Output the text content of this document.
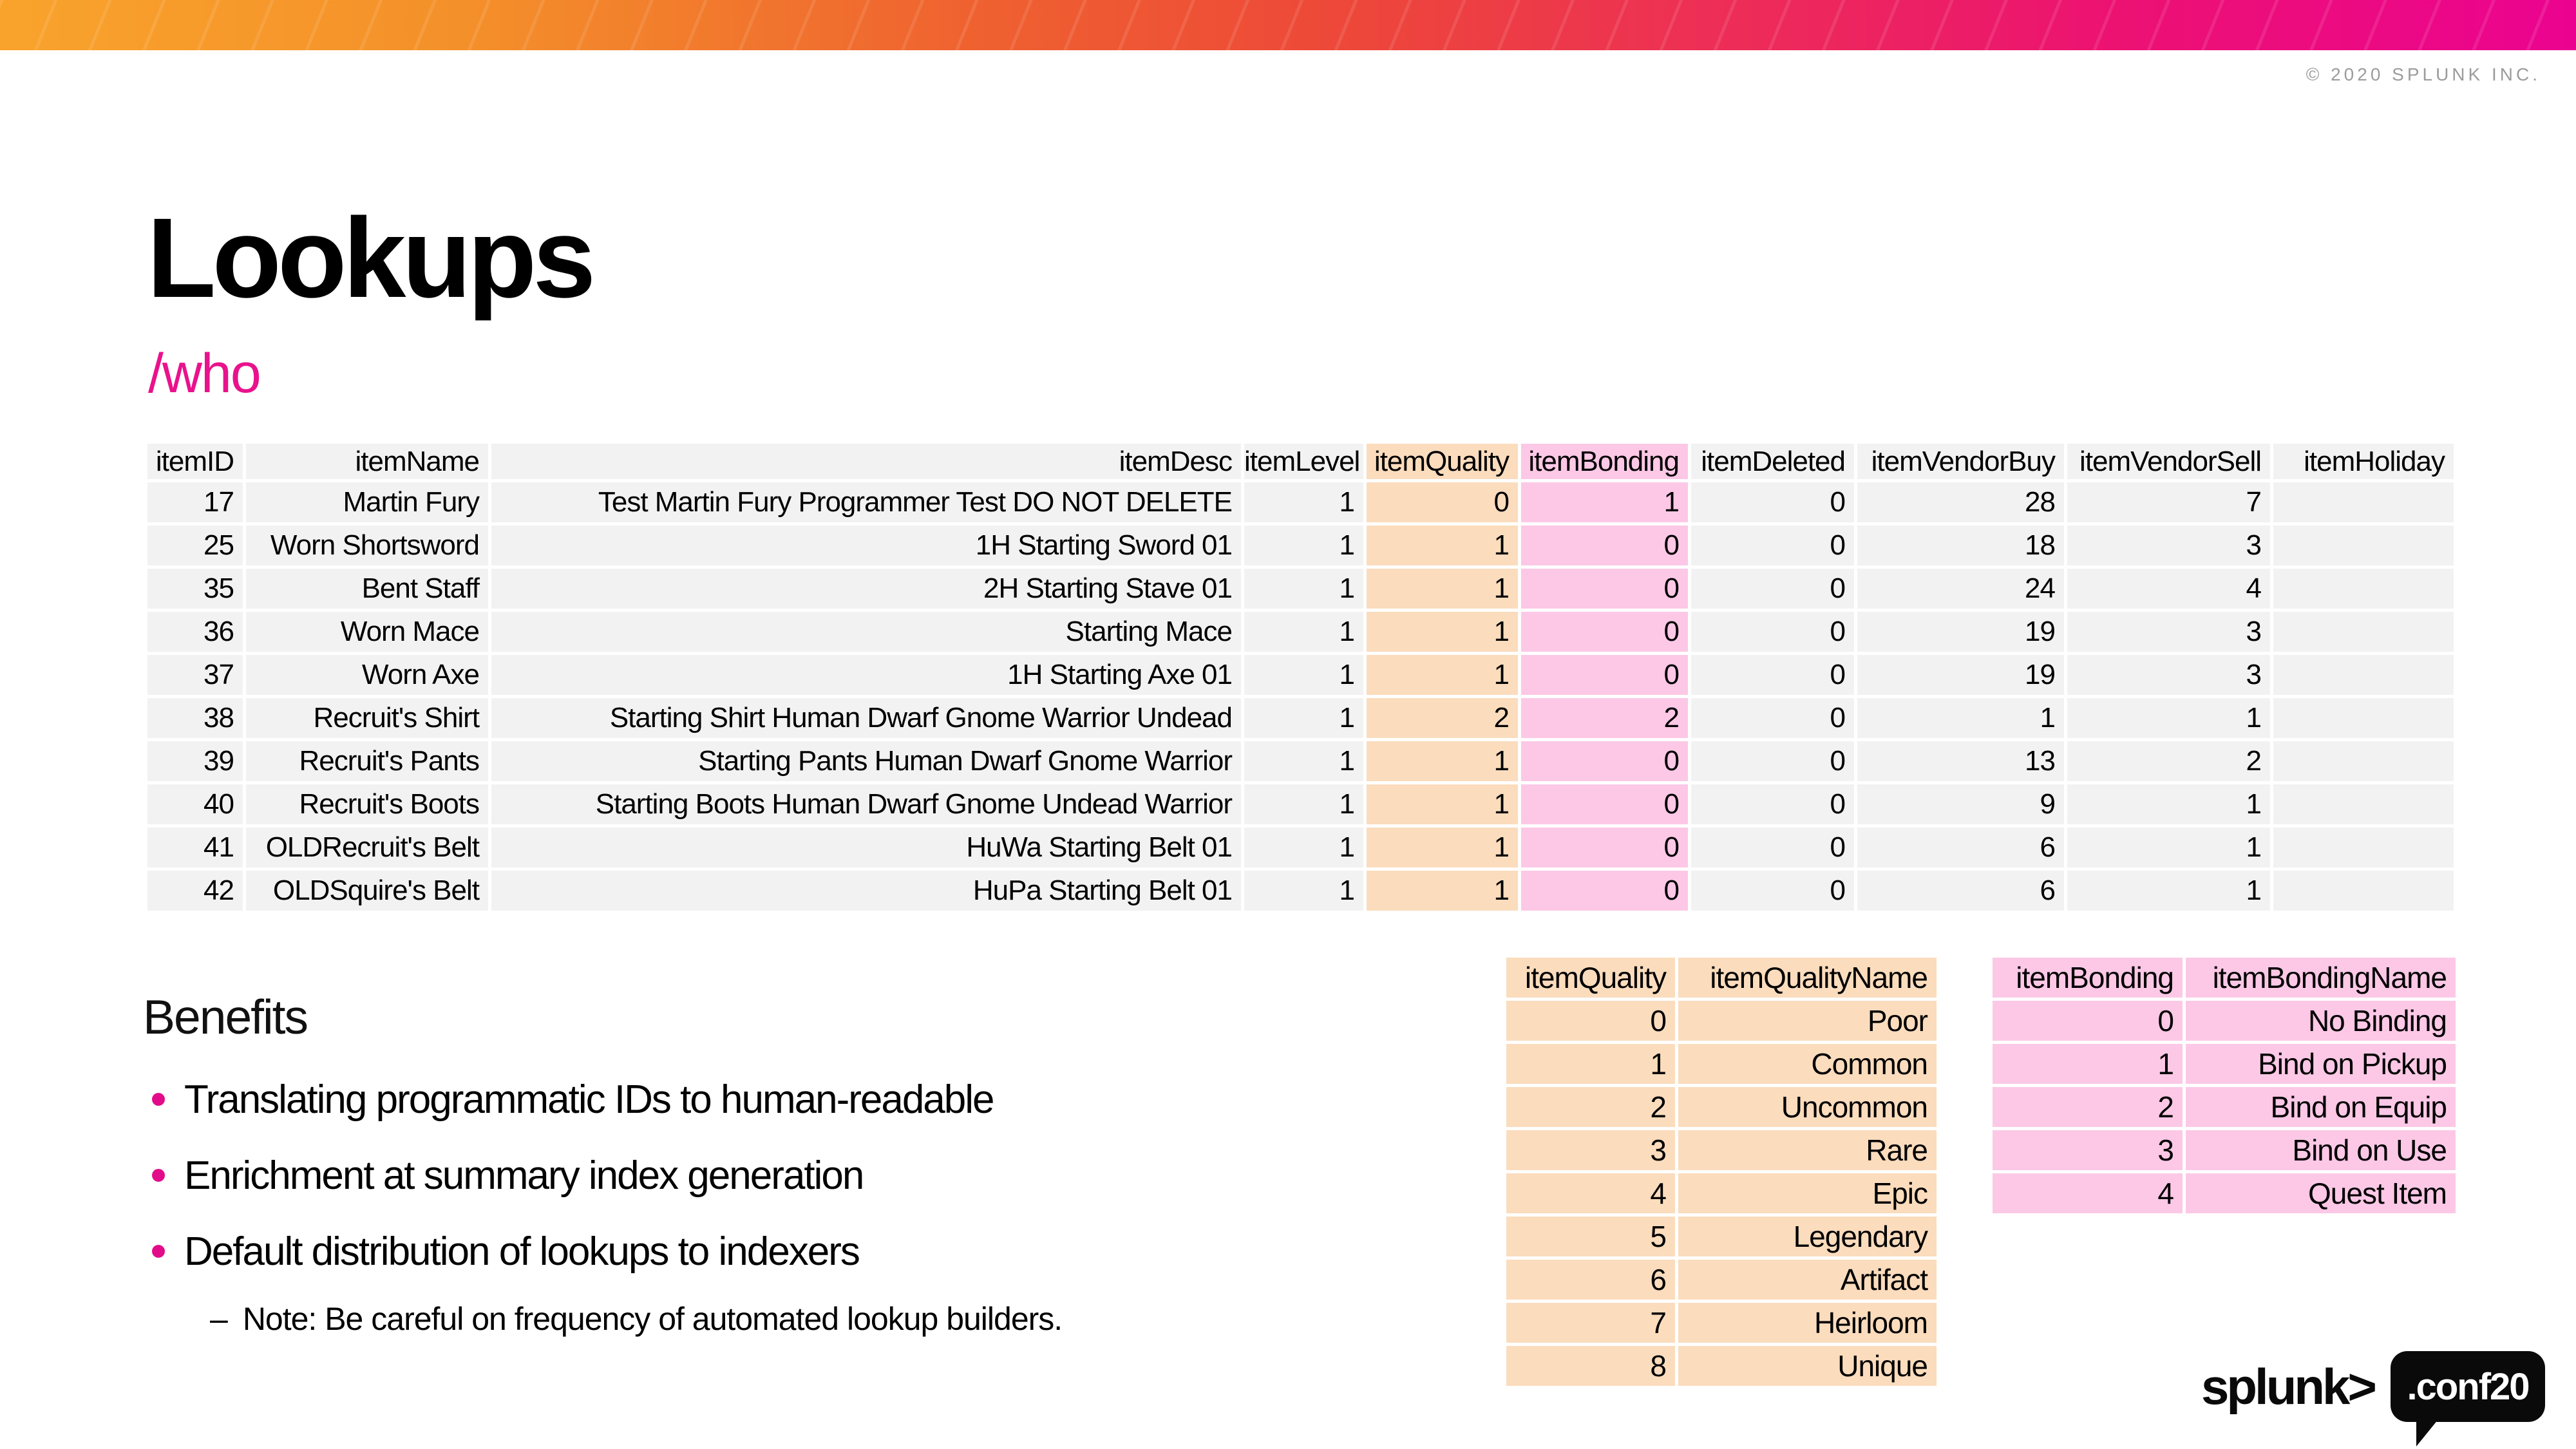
© 2020 SPLUNK INC.
Lookups
/who
itemID	itemName	itemDesc	itemLevel	itemQuality	itemBonding	itemDeleted	itemVendorBuy	itemVendorSell	itemHoliday
17	Martin Fury	Test Martin Fury Programmer Test DO NOT DELETE	1	0	1	0	28	7	
25	Worn Shortsword	1H Starting Sword 01	1	1	0	0	18	3	
35	Bent Staff	2H Starting Stave 01	1	1	0	0	24	4	
36	Worn Mace	Starting Mace	1	1	0	0	19	3	
37	Worn Axe	1H Starting Axe 01	1	1	0	0	19	3	
38	Recruit's Shirt	Starting Shirt Human Dwarf Gnome Warrior Undead	1	2	2	0	1	1	
39	Recruit's Pants	Starting Pants Human Dwarf Gnome Warrior	1	1	0	0	13	2	
40	Recruit's Boots	Starting Boots Human Dwarf Gnome Undead Warrior	1	1	0	0	9	1	
41	OLDRecruit's Belt	HuWa Starting Belt 01	1	1	0	0	6	1	
42	OLDSquire's Belt	HuPa Starting Belt 01	1	1	0	0	6	1	
Benefits
Translating programmatic IDs to human-readable
Enrichment at summary index generation
Default distribution of lookups to indexers
– Note: Be careful on frequency of automated lookup builders.
itemQuality	itemQualityName
0	Poor
1	Common
2	Uncommon
3	Rare
4	Epic
5	Legendary
6	Artifact
7	Heirloom
8	Unique
itemBonding	itemBondingName
0	No Binding
1	Bind on Pickup
2	Bind on Equip
3	Bind on Use
4	Quest Item
splunk> .conf20
